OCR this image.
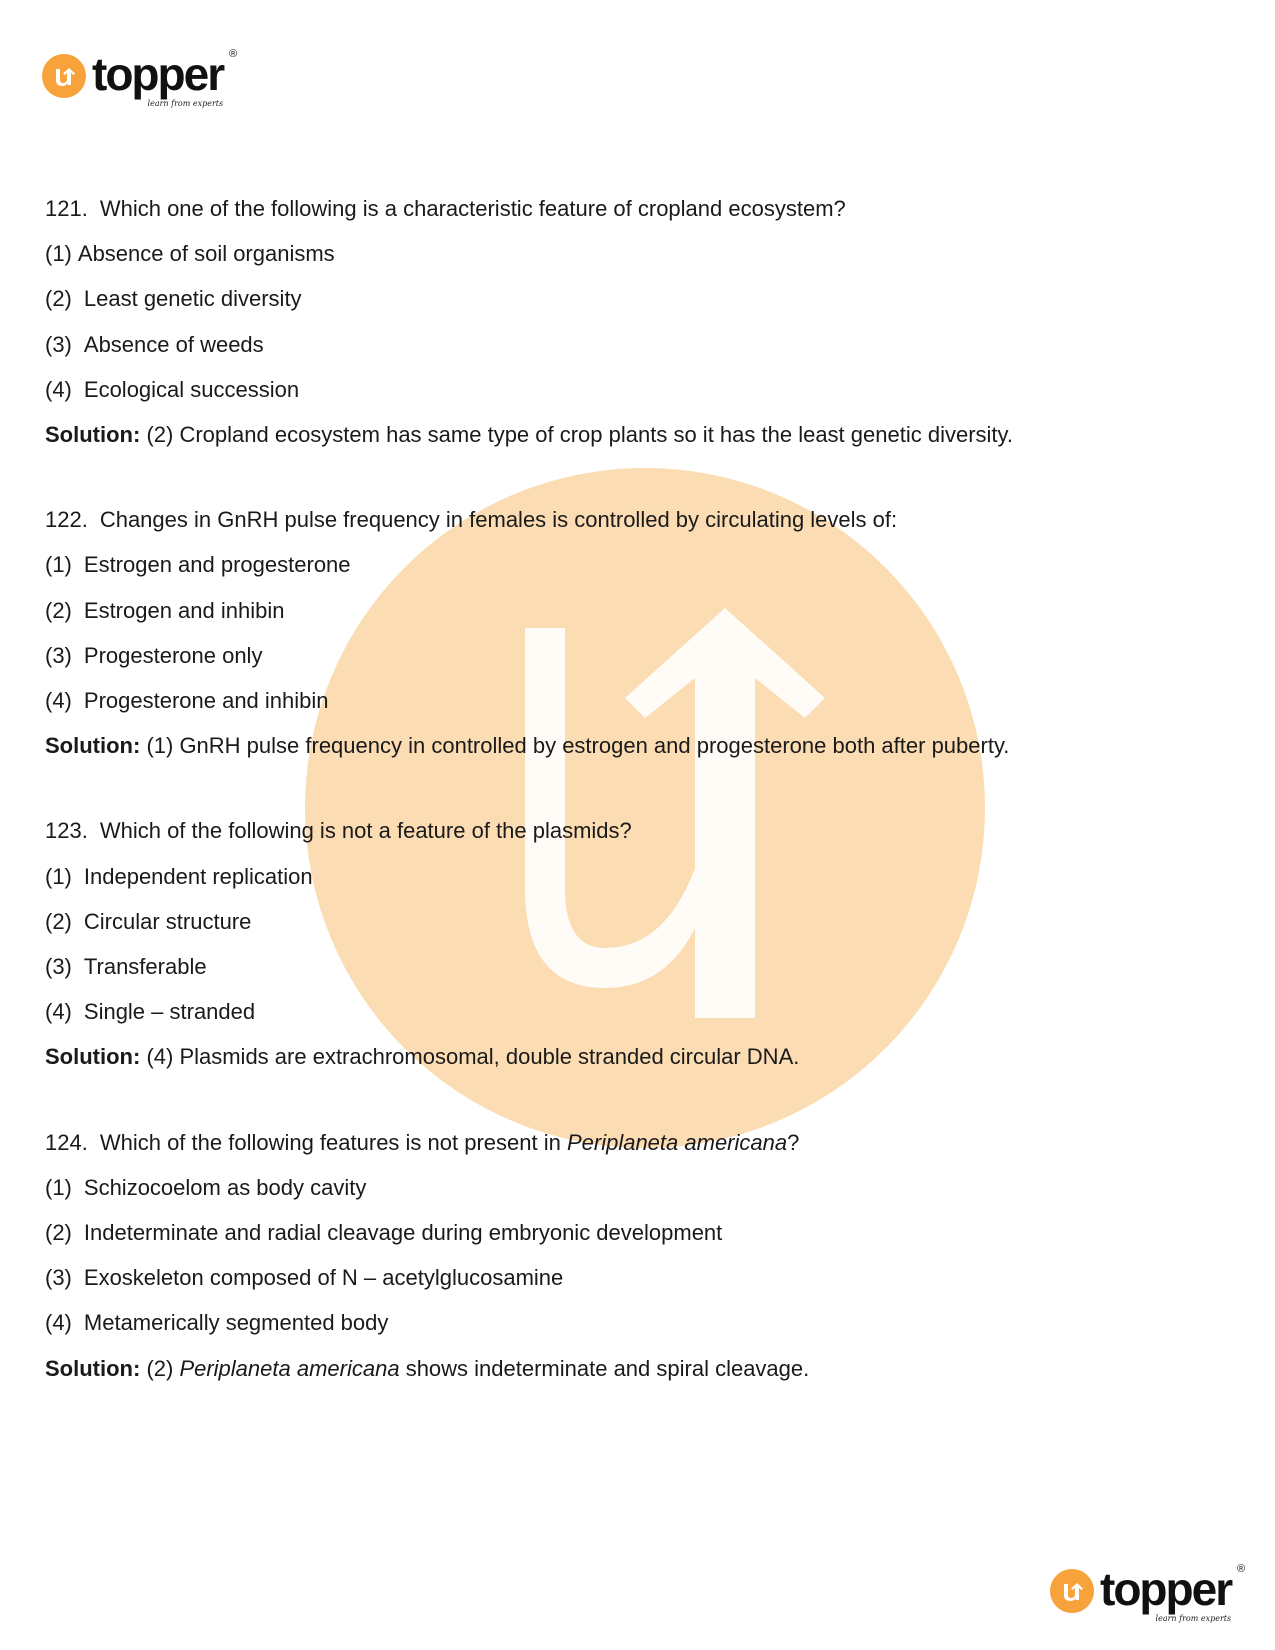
topper ®
learn from experts
topper ®
learn from experts
121. Which one of the following is a characteristic feature of cropland ecosystem?
(1) Absence of soil organisms
(2) Least genetic diversity
(3) Absence of weeds
(4) Ecological succession
Solution: (2) Cropland ecosystem has same type of crop plants so it has the least genetic diversity.
122. Changes in GnRH pulse frequency in females is controlled by circulating levels of:
(1) Estrogen and progesterone
(2) Estrogen and inhibin
(3) Progesterone only
(4) Progesterone and inhibin
Solution: (1) GnRH pulse frequency in controlled by estrogen and progesterone both after puberty.
123. Which of the following is not a feature of the plasmids?
(1) Independent replication
(2) Circular structure
(3) Transferable
(4) Single – stranded
Solution: (4) Plasmids are extrachromosomal, double stranded circular DNA.
124. Which of the following features is not present in Periplaneta americana?
(1) Schizocoelom as body cavity
(2) Indeterminate and radial cleavage during embryonic development
(3) Exoskeleton composed of N – acetylglucosamine
(4) Metamerically segmented body
Solution: (2) Periplaneta americana shows indeterminate and spiral cleavage.
